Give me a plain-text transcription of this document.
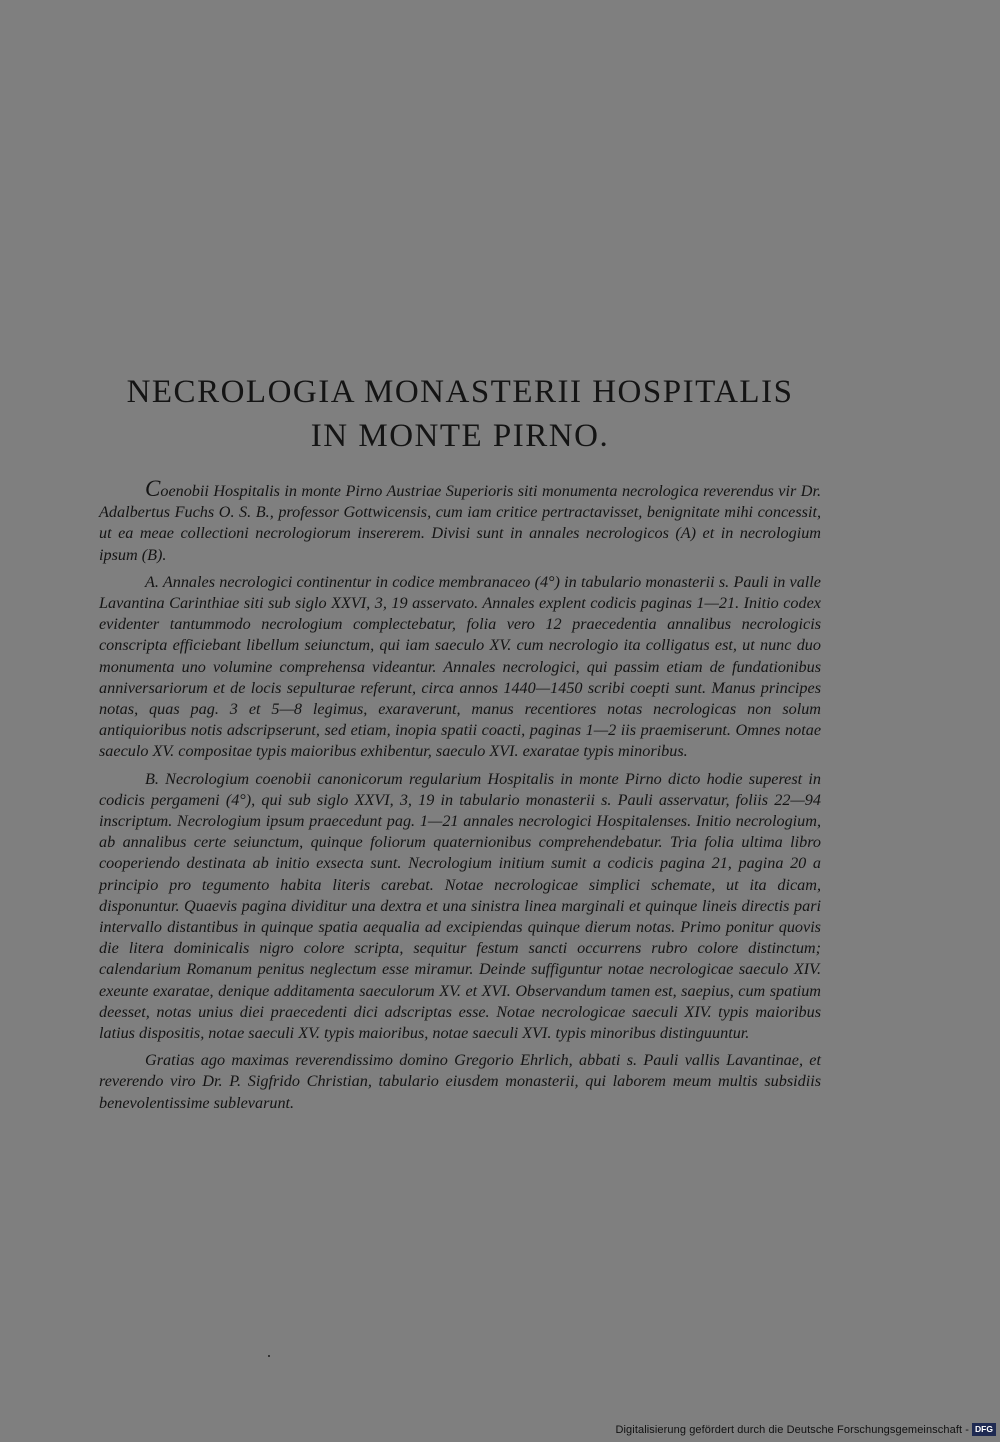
NECROLOGIA MONASTERII HOSPITALIS
IN MONTE PIRNO.

Coenobii Hospitalis in monte Pirno Austriae Superioris siti monumenta necrologica reverendus vir Dr. Adalbertus Fuchs O. S. B., professor Gottwicensis, cum iam critice pertractavisset, benignitate mihi concessit, ut ea meae collectioni necrologiorum insererem. Divisi sunt in annales necrologicos (A) et in necrologium ipsum (B).

A. Annales necrologici continentur in codice membranaceo (4°) in tabulario monasterii s. Pauli in valle Lavantina Carinthiae siti sub siglo XXVI, 3, 19 asservato. Annales explent codicis paginas 1—21. Initio codex evidenter tantummodo necrologium complectebatur, folia vero 12 praecedentia annalibus necrologicis conscripta efficiebant libellum seiunctum, qui iam saeculo XV. cum necrologio ita colligatus est, ut nunc duo monumenta uno volumine comprehensa videantur. Annales necrologici, qui passim etiam de fundationibus anniversariorum et de locis sepulturae referunt, circa annos 1440—1450 scribi coepti sunt. Manus principes notas, quas pag. 3 et 5—8 legimus, exaraverunt, manus recentiores notas necrologicas non solum antiquioribus notis adscripserunt, sed etiam, inopia spatii coacti, paginas 1—2 iis praemiserunt. Omnes notae saeculo XV. compositae typis maioribus exhibentur, saeculo XVI. exaratae typis minoribus.

B. Necrologium coenobii canonicorum regularium Hospitalis in monte Pirno dicto hodie superest in codicis pergameni (4°), qui sub siglo XXVI, 3, 19 in tabulario monasterii s. Pauli asservatur, foliis 22—94 inscriptum. Necrologium ipsum praecedunt pag. 1—21 annales necrologici Hospitalenses. Initio necrologium, ab annalibus certe seiunctum, quinque foliorum quaternionibus comprehendebatur. Tria folia ultima libro cooperiendo destinata ab initio exsecta sunt. Necrologium initium sumit a codicis pagina 21, pagina 20 a principio pro tegumento habita literis carebat. Notae necrologicae simplici schemate, ut ita dicam, disponuntur. Quaevis pagina dividitur una dextra et una sinistra linea marginali et quinque lineis directis pari intervallo distantibus in quinque spatia aequalia ad excipiendas quinque dierum notas. Primo ponitur quovis die litera dominicalis nigro colore scripta, sequitur festum sancti occurrens rubro colore distinctum; calendarium Romanum penitus neglectum esse miramur. Deinde suffiguntur notae necrologicae saeculo XIV. exeunte exaratae, denique additamenta saeculorum XV. et XVI. Observandum tamen est, saepius, cum spatium deesset, notas unius diei praecedenti dici adscriptas esse. Notae necrologicae saeculi XIV. typis maioribus latius dispositis, notae saeculi XV. typis maioribus, notae saeculi XVI. typis minoribus distinguuntur.

Gratias ago maximas reverendissimo domino Gregorio Ehrlich, abbati s. Pauli vallis Lavantinae, et reverendo viro Dr. P. Sigfrido Christian, tabulario eiusdem monasterii, qui laborem meum multis subsidiis benevolentissime sublevarunt.

Digitalisierung gefördert durch die Deutsche Forschungsgemeinschaft - DFG
